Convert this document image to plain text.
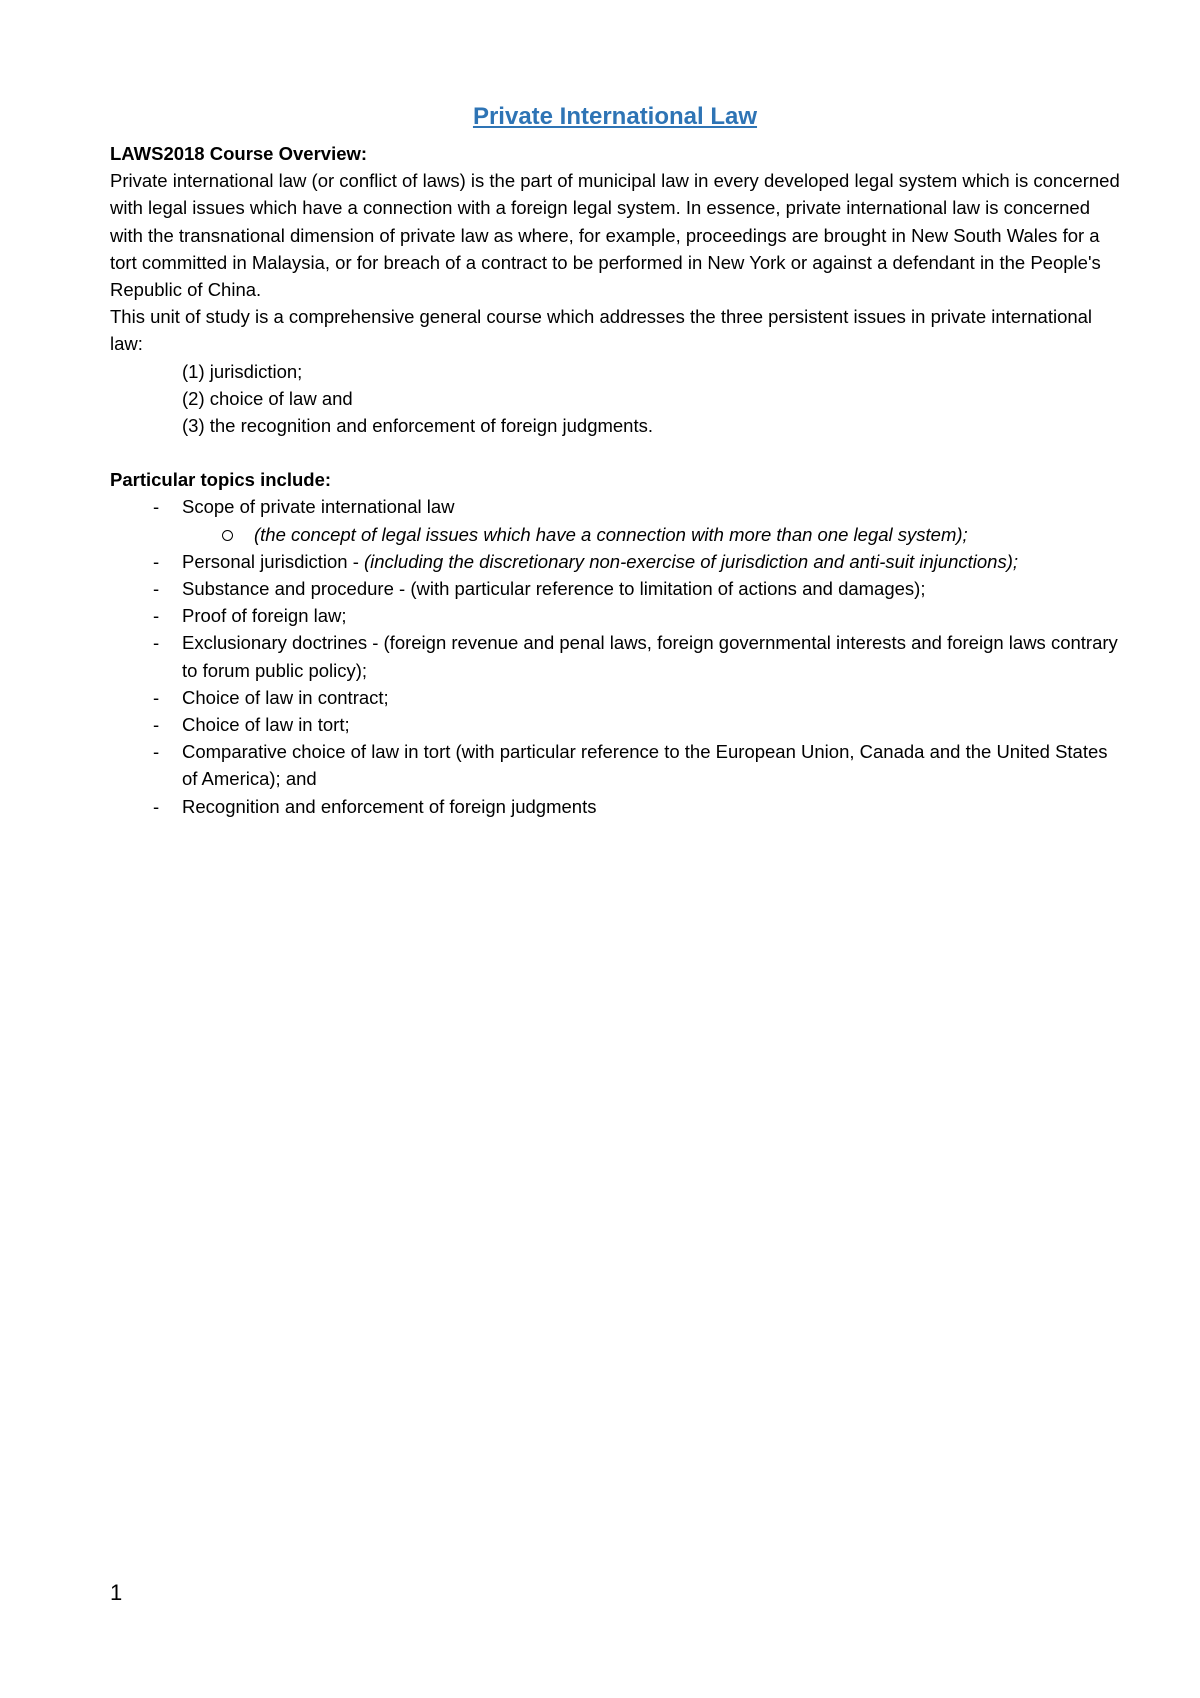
Private International Law

LAWS2018 Course Overview:

Private international law (or conflict of laws) is the part of municipal law in every developed legal system which is concerned with legal issues which have a connection with a foreign legal system. In essence, private international law is concerned with the transnational dimension of private law as where, for example, proceedings are brought in New South Wales for a tort committed in Malaysia, or for breach of a contract to be performed in New York or against a defendant in the People's Republic of China.

This unit of study is a comprehensive general course which addresses the three persistent issues in private international law:

(1) jurisdiction;
(2) choice of law and
(3) the recognition and enforcement of foreign judgments.

Particular topics include:

- Scope of private international law
(the concept of legal issues which have a connection with more than one legal system);
- Personal jurisdiction - (including the discretionary non-exercise of jurisdiction and anti-suit injunctions);
- Substance and procedure - (with particular reference to limitation of actions and damages);
- Proof of foreign law;
- Exclusionary doctrines - (foreign revenue and penal laws, foreign governmental interests and foreign laws contrary to forum public policy);
- Choice of law in contract;
- Choice of law in tort;
- Comparative choice of law in tort (with particular reference to the European Union, Canada and the United States of America); and
- Recognition and enforcement of foreign judgments
1
